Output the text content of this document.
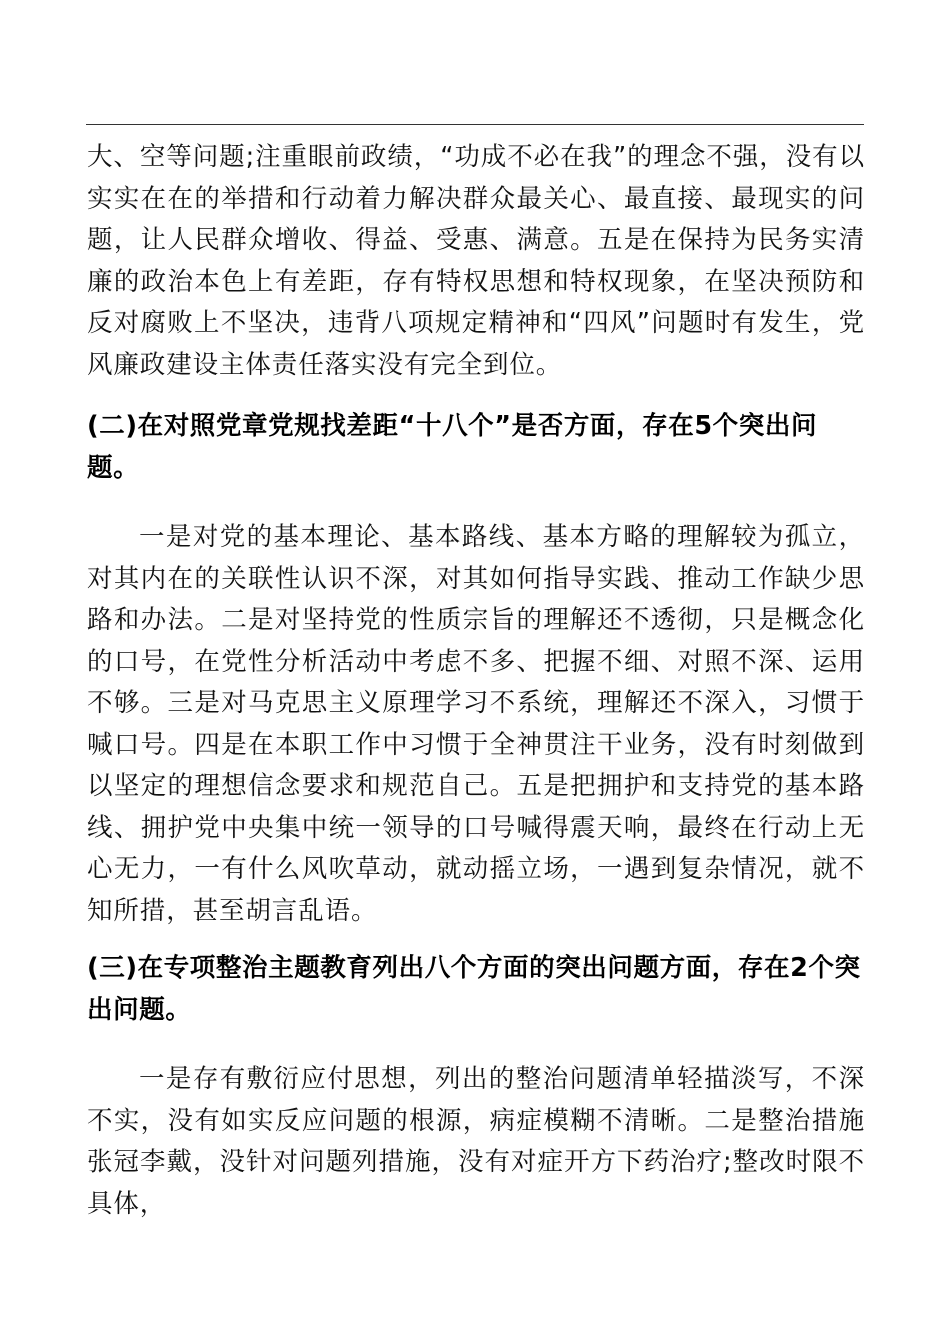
大、空等问题;注重眼前政绩，“功成不必在我”的理念不强，没有以实实在在的举措和行动着力解决群众最关心、最直接、最现实的问题，让人民群众增收、得益、受惠、满意。五是在保持为民务实清廉的政治本色上有差距，存有特权思想和特权现象，在坚决预防和反对腐败上不坚决，违背八项规定精神和“四风”问题时有发生，党风廉政建设主体责任落实没有完全到位。

(二)在对照党章党规找差距“十八个”是否方面，存在5个突出问题。

一是对党的基本理论、基本路线、基本方略的理解较为孤立，对其内在的关联性认识不深，对其如何指导实践、推动工作缺少思路和办法。二是对坚持党的性质宗旨的理解还不透彻，只是概念化的口号，在党性分析活动中考虑不多、把握不细、对照不深、运用不够。三是对马克思主义原理学习不系统，理解还不深入，习惯于喊口号。四是在本职工作中习惯于全神贯注干业务，没有时刻做到以坚定的理想信念要求和规范自己。五是把拥护和支持党的基本路线、拥护党中央集中统一领导的口号喊得震天响，最终在行动上无心无力，一有什么风吹草动，就动摇立场，一遇到复杂情况，就不知所措，甚至胡言乱语。

(三)在专项整治主题教育列出八个方面的突出问题方面，存在2个突出问题。

一是存有敷衍应付思想，列出的整治问题清单轻描淡写，不深不实，没有如实反应问题的根源，病症模糊不清晰。二是整治措施张冠李戴，没针对问题列措施，没有对症开方下药治疗;整改时限不具体，
